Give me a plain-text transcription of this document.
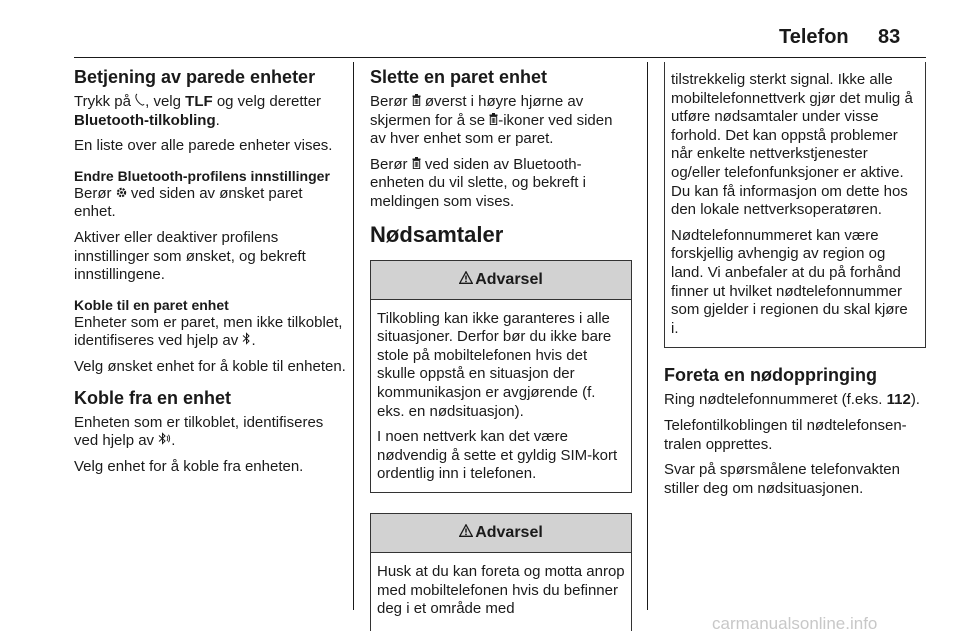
Telefon 83
Betjening av parede enheter

Trykk på , velg TLF og velg deretter Bluetooth-tilkobling.

En liste over alle parede enheter vises.

Endre Bluetooth-profilens innstillinger

Berør  ved siden av ønsket paret enhet.

Aktiver eller deaktiver profilens innstillinger som ønsket, og bekreft innstillingene.

Koble til en paret enhet

Enheter som er paret, men ikke tilkoblet, identifiseres ved hjelp av .

Velg ønsket enhet for å koble til enheten.

Koble fra en enhet

Enheten som er tilkoblet, identifiseres ved hjelp av .

Velg enhet for å koble fra enheten.

Slette en paret enhet

Berør  øverst i høyre hjørne av skjermen for å se -ikoner ved siden av hver enhet som er paret.

Berør  ved siden av Bluetooth-enheten du vil slette, og bekreft i meldingen som vises.

Nødsamtaler
Advarsel

Tilkobling kan ikke garanteres i alle situasjoner. Derfor bør du ikke bare stole på mobiltelefonen hvis det skulle oppstå en situasjon der kommunikasjon er avgjørende (f. eks. en nødsituasjon).

I noen nettverk kan det være nødvendig å sette et gyldig SIM-kort ordentlig inn i telefonen.

Advarsel

Husk at du kan foreta og motta anrop med mobiltelefonen hvis du befinner deg i et område med

tilstrekkelig sterkt signal. Ikke alle mobiltelefonnettverk gjør det mulig å utføre nødsamtaler under visse forhold. Det kan oppstå problemer når enkelte nettverkstjenester og/eller telefonfunksjoner er aktive. Du kan få informasjon om dette hos den lokale nettverksoperatøren.

Nødtelefonnummeret kan være forskjellig avhengig av region og land. Vi anbefaler at du på forhånd finner ut hvilket nødtelefonnummer som gjelder i regionen du skal kjøre i.

Foreta en nødoppringing

Ring nødtelefonnummeret (f.eks. 112).

Telefontilkoblingen til nødtelefonsentralen opprettes.

Svar på spørsmålene telefonvakten stiller deg om nødsituasjonen.

carmanualsonline.info
